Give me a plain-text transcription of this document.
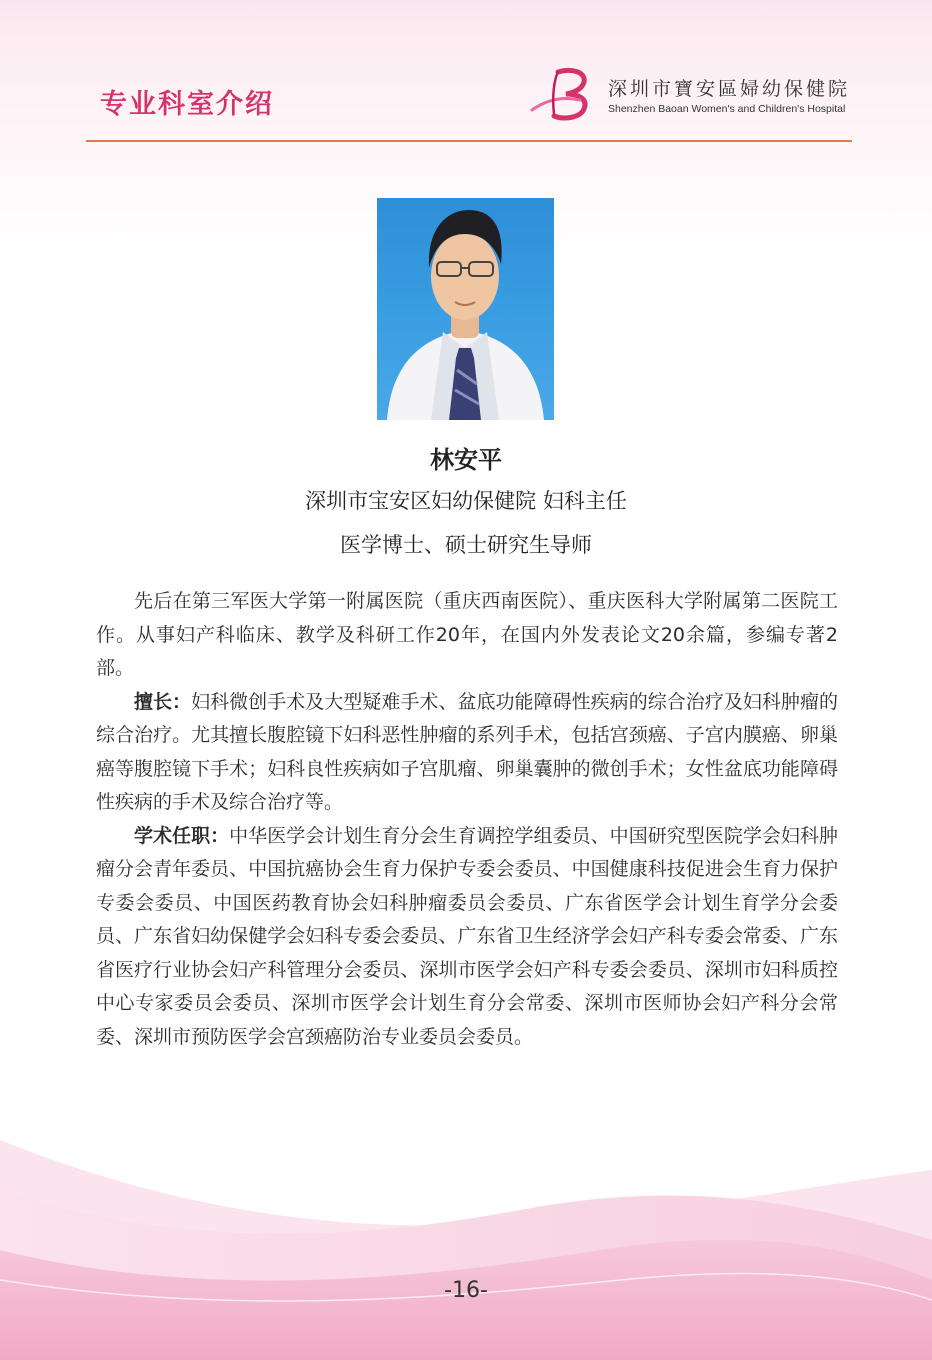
专业科室介绍	深圳市寶安區婦幼保健院
Shenzhen Baoan Women's and Children's Hospital
林安平
深圳市宝安区妇幼保健院 妇科主任
医学博士、硕士研究生导师

先后在第三军医大学第一附属医院（重庆西南医院）、重庆医科大学附属第二医院工作。从事妇产科临床、教学及科研工作20年，在国内外发表论文20余篇，参编专著2部。

擅长：妇科微创手术及大型疑难手术、盆底功能障碍性疾病的综合治疗及妇科肿瘤的综合治疗。尤其擅长腹腔镜下妇科恶性肿瘤的系列手术，包括宫颈癌、子宫内膜癌、卵巢癌等腹腔镜下手术；妇科良性疾病如子宫肌瘤、卵巢囊肿的微创手术；女性盆底功能障碍性疾病的手术及综合治疗等。

学术任职：中华医学会计划生育分会生育调控学组委员、中国研究型医院学会妇科肿瘤分会青年委员、中国抗癌协会生育力保护专委会委员、中国健康科技促进会生育力保护专委会委员、中国医药教育协会妇科肿瘤委员会委员、广东省医学会计划生育学分会委员、广东省妇幼保健学会妇科专委会委员、广东省卫生经济学会妇产科专委会常委、广东省医疗行业协会妇产科管理分会委员、深圳市医学会妇产科专委会委员、深圳市妇科质控中心专家委员会委员、深圳市医学会计划生育分会常委、深圳市医师协会妇产科分会常委、深圳市预防医学会宫颈癌防治专业委员会委员。

-16-
